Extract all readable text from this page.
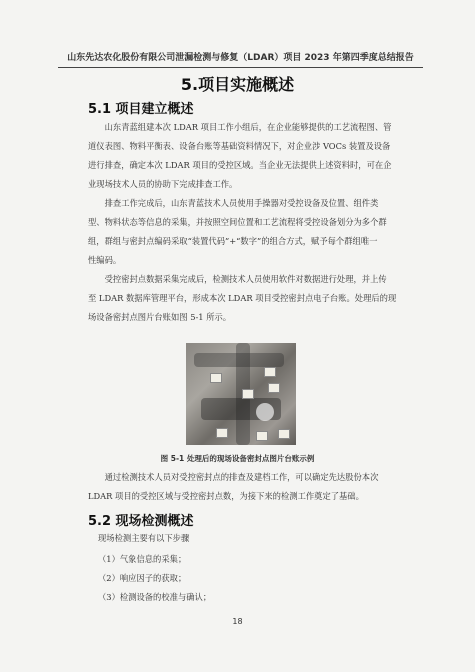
山东先达农化股份有限公司泄漏检测与修复（LDAR）项目 2023 年第四季度总结报告
5.项目实施概述
5.1 项目建立概述
山东青蓝组建本次 LDAR 项目工作小组后，在企业能够提供的工艺流程图、管
道仪表图、物料平衡表、设备台账等基础资料情况下，对企业涉 VOCs 装置及设备
进行排查，确定本次 LDAR 项目的受控区域。当企业无法提供上述资料时，可在企
业现场技术人员的协助下完成排查工作。
排查工作完成后，山东青蓝技术人员使用手操器对受控设备及位置、组件类
型、物料状态等信息的采集，并按照空间位置和工艺流程将受控设备划分为多个群
组，群组与密封点编码采取“装置代码”+“数字”的组合方式，赋予每个群组唯一
性编码。
受控密封点数据采集完成后，检测技术人员使用软件对数据进行处理，并上传
至 LDAR 数据库管理平台，形成本次 LDAR 项目受控密封点电子台账。处理后的现
场设备密封点图片台账如图 5-1 所示。
图 5-1 处理后的现场设备密封点图片台账示例
通过检测技术人员对受控密封点的排查及建档工作，可以确定先达股份本次
LDAR 项目的受控区域与受控密封点数，为接下来的检测工作奠定了基础。
5.2 现场检测概述
现场检测主要有以下步骤
（1）气象信息的采集；
（2）响应因子的获取；
（3）检测设备的校准与确认；
18
